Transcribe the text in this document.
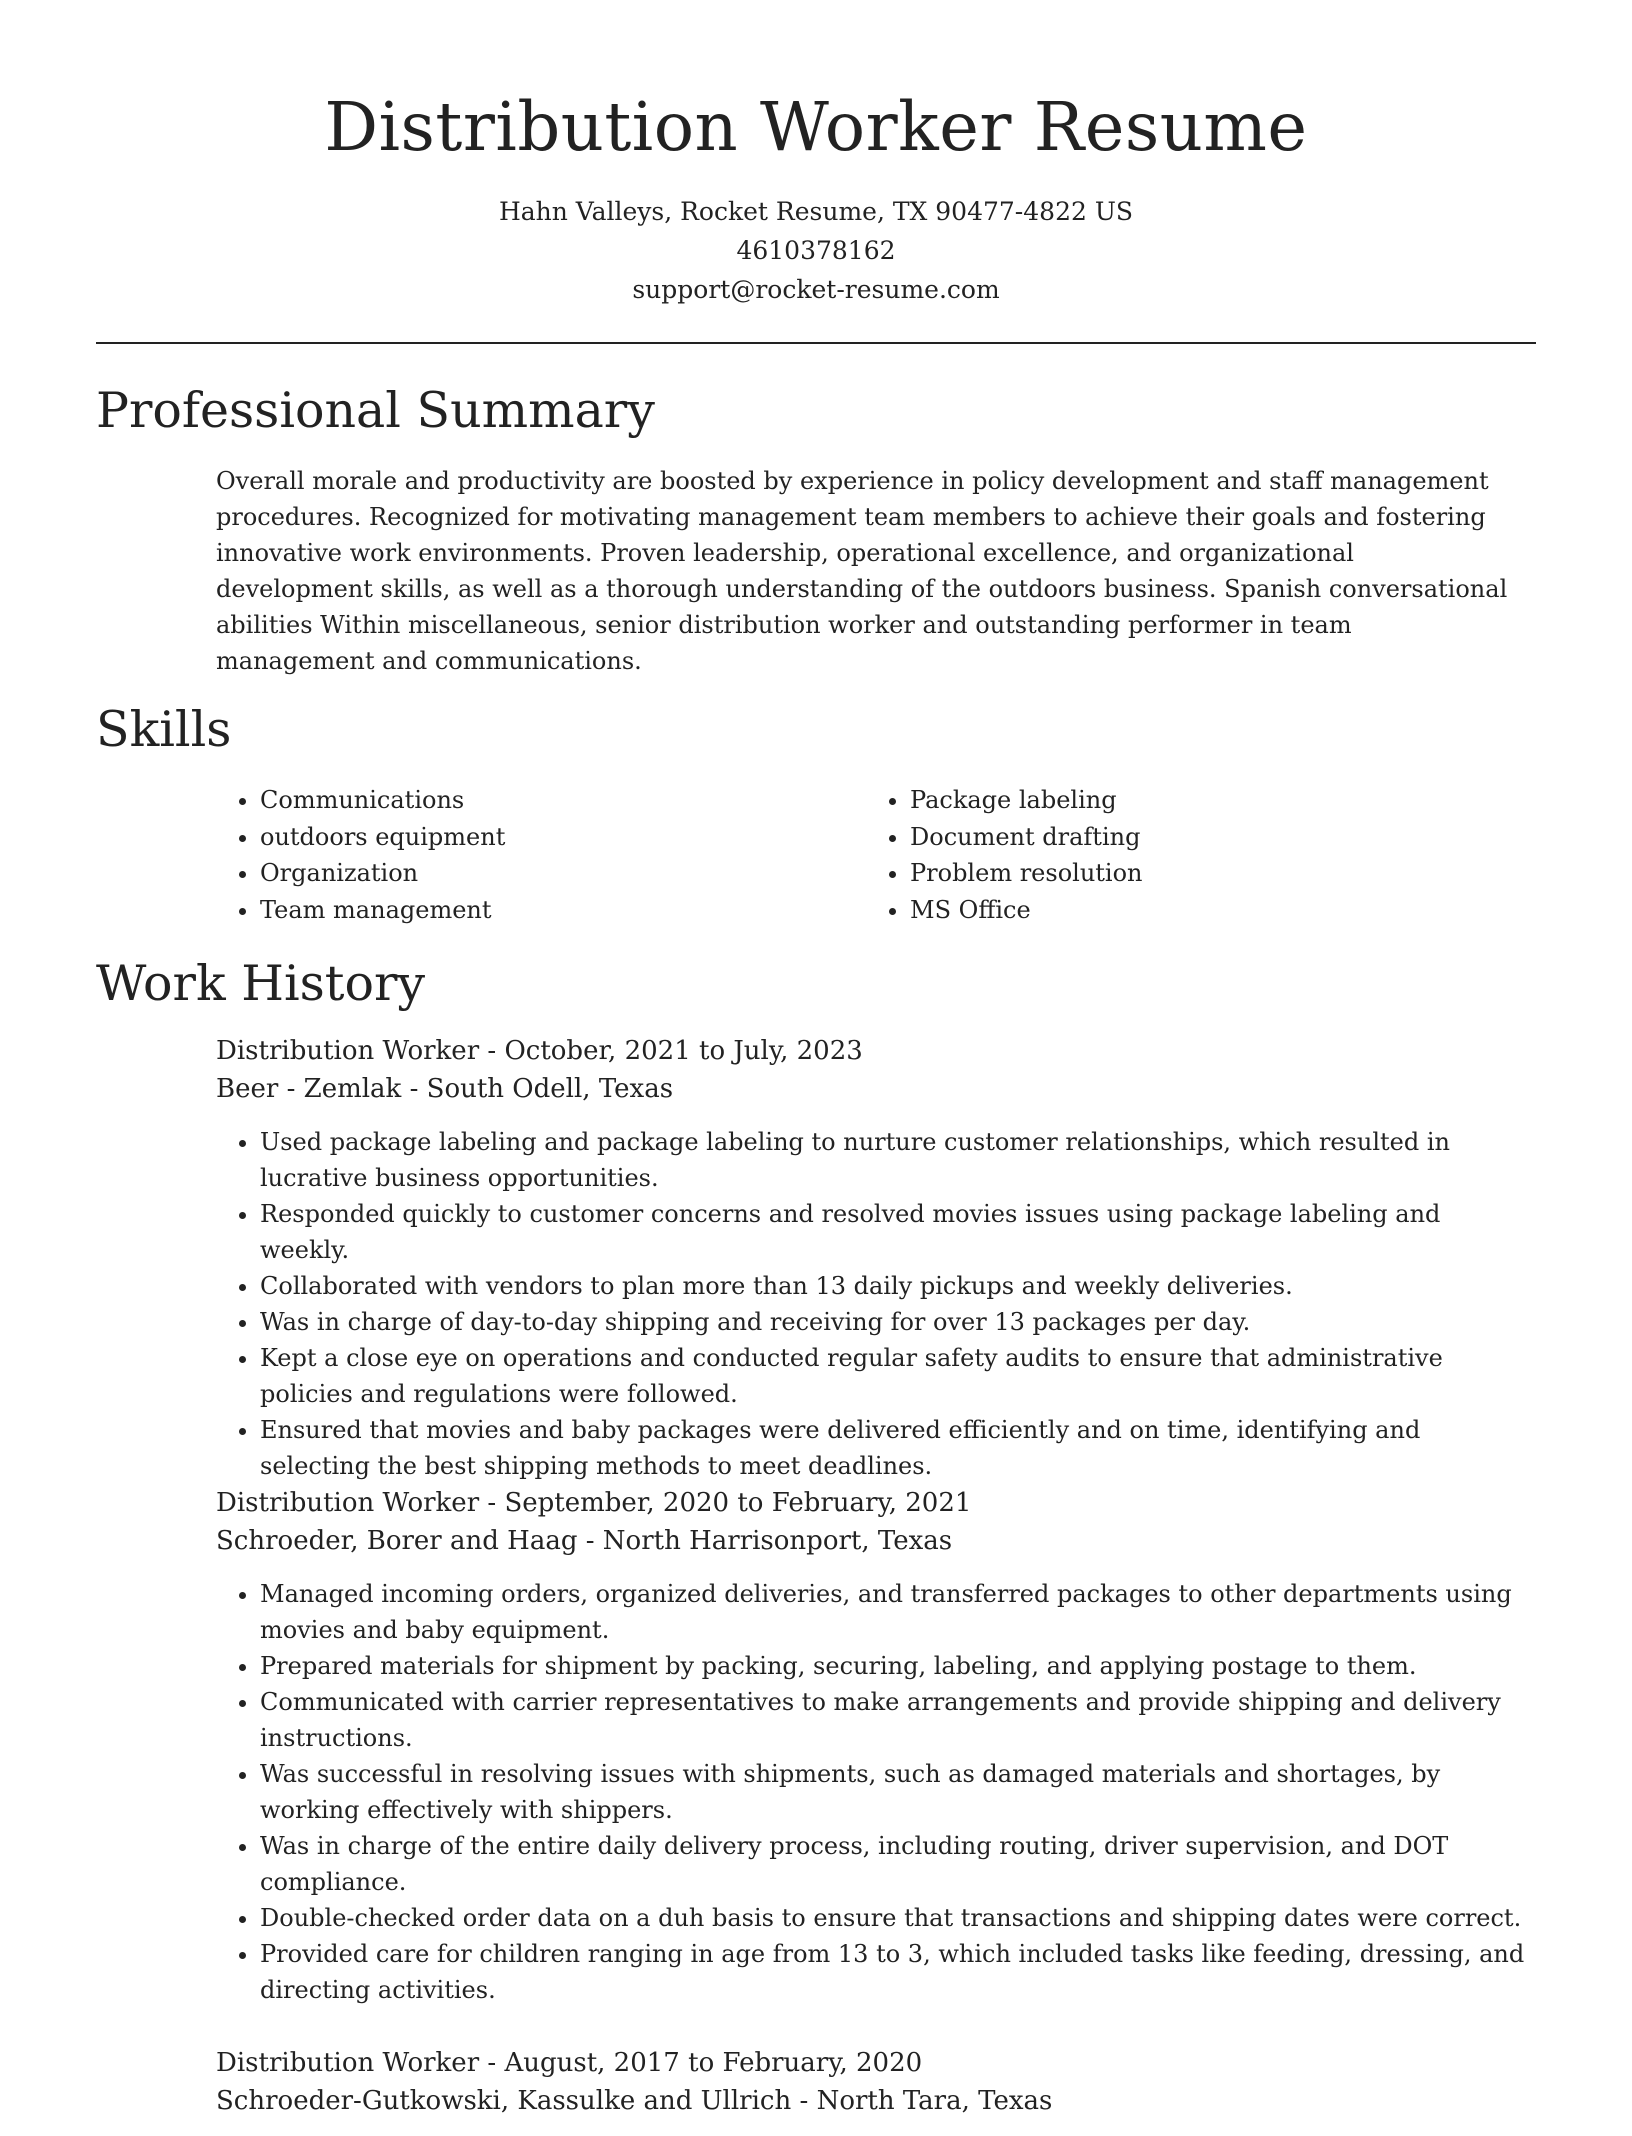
Distribution Worker Resume
Hahn Valleys, Rocket Resume, TX 90477-4822 US
4610378162
support@rocket-resume.com
Professional Summary

Overall morale and productivity are boosted by experience in policy development and staff management procedures. Recognized for motivating management team members to achieve their goals and fostering innovative work environments. Proven leadership, operational excellence, and organizational development skills, as well as a thorough understanding of the outdoors business. Spanish conversational abilities Within miscellaneous, senior distribution worker and outstanding performer in team management and communications.

Skills
• Communications
• outdoors equipment
• Organization
• Team management
• Package labeling
• Document drafting
• Problem resolution
• MS Office
Work History
Distribution Worker - October, 2021 to July, 2023
Beer - Zemlak - South Odell, Texas
• Used package labeling and package labeling to nurture customer relationships, which resulted in lucrative business opportunities.
• Responded quickly to customer concerns and resolved movies issues using package labeling and weekly.
• Collaborated with vendors to plan more than 13 daily pickups and weekly deliveries.
• Was in charge of day-to-day shipping and receiving for over 13 packages per day.
• Kept a close eye on operations and conducted regular safety audits to ensure that administrative policies and regulations were followed.
• Ensured that movies and baby packages were delivered efficiently and on time, identifying and selecting the best shipping methods to meet deadlines.
Distribution Worker - September, 2020 to February, 2021
Schroeder, Borer and Haag - North Harrisonport, Texas
• Managed incoming orders, organized deliveries, and transferred packages to other departments using movies and baby equipment.
• Prepared materials for shipment by packing, securing, labeling, and applying postage to them.
• Communicated with carrier representatives to make arrangements and provide shipping and delivery instructions.
• Was successful in resolving issues with shipments, such as damaged materials and shortages, by working effectively with shippers.
• Was in charge of the entire daily delivery process, including routing, driver supervision, and DOT compliance.
• Double-checked order data on a duh basis to ensure that transactions and shipping dates were correct.
• Provided care for children ranging in age from 13 to 3, which included tasks like feeding, dressing, and directing activities.
Distribution Worker - August, 2017 to February, 2020
Schroeder-Gutkowski, Kassulke and Ullrich - North Tara, Texas
